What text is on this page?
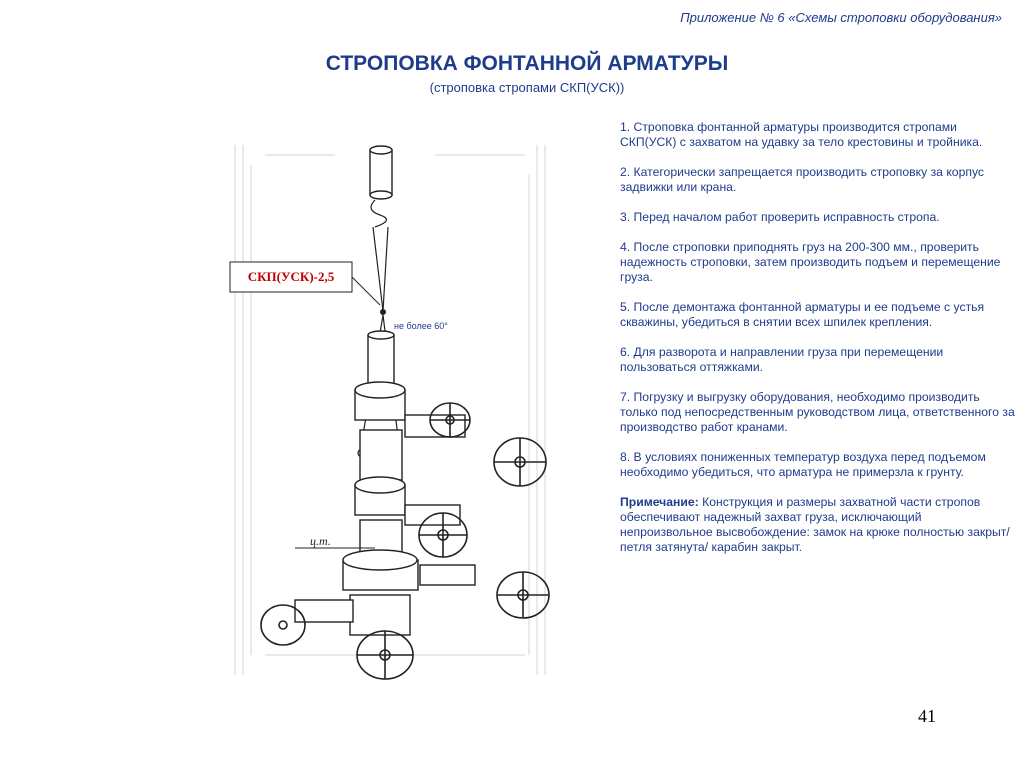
Приложение № 6 «Схемы строповки оборудования»
СТРОПОВКА ФОНТАННОЙ АРМАТУРЫ
(строповка стропами СКП(УСК))
СКП(УСК)-2,5
не более 60°
ц.т.

1. Строповка фонтанной арматуры производится стропами СКП(УСК) с захватом на удавку за тело крестовины и тройника.

2. Категорически запрещается производить строповку за корпус задвижки или крана.

3. Перед началом работ проверить исправность стропа.

4. После строповки приподнять груз на 200-300 мм., проверить надежность строповки, затем производить подъем и перемещение груза.

5. После демонтажа фонтанной арматуры и ее подъеме с устья скважины, убедиться в снятии всех шпилек крепления.

6. Для разворота и направлении груза при перемещении пользоваться оттяжками.

7. Погрузку и выгрузку оборудования, необходимо производить только под непосредственным руководством лица, ответственного за производство работ кранами.

8. В условиях пониженных температур воздуха перед подъемом необходимо убедиться, что арматура не примерзла к грунту.

Примечание: Конструкция и размеры захватной части стропов обеспечивают надежный захват груза, исключающий непроизвольное высвобождение: замок на крюке полностью закрыт/ петля затянута/ карабин закрыт.

41
